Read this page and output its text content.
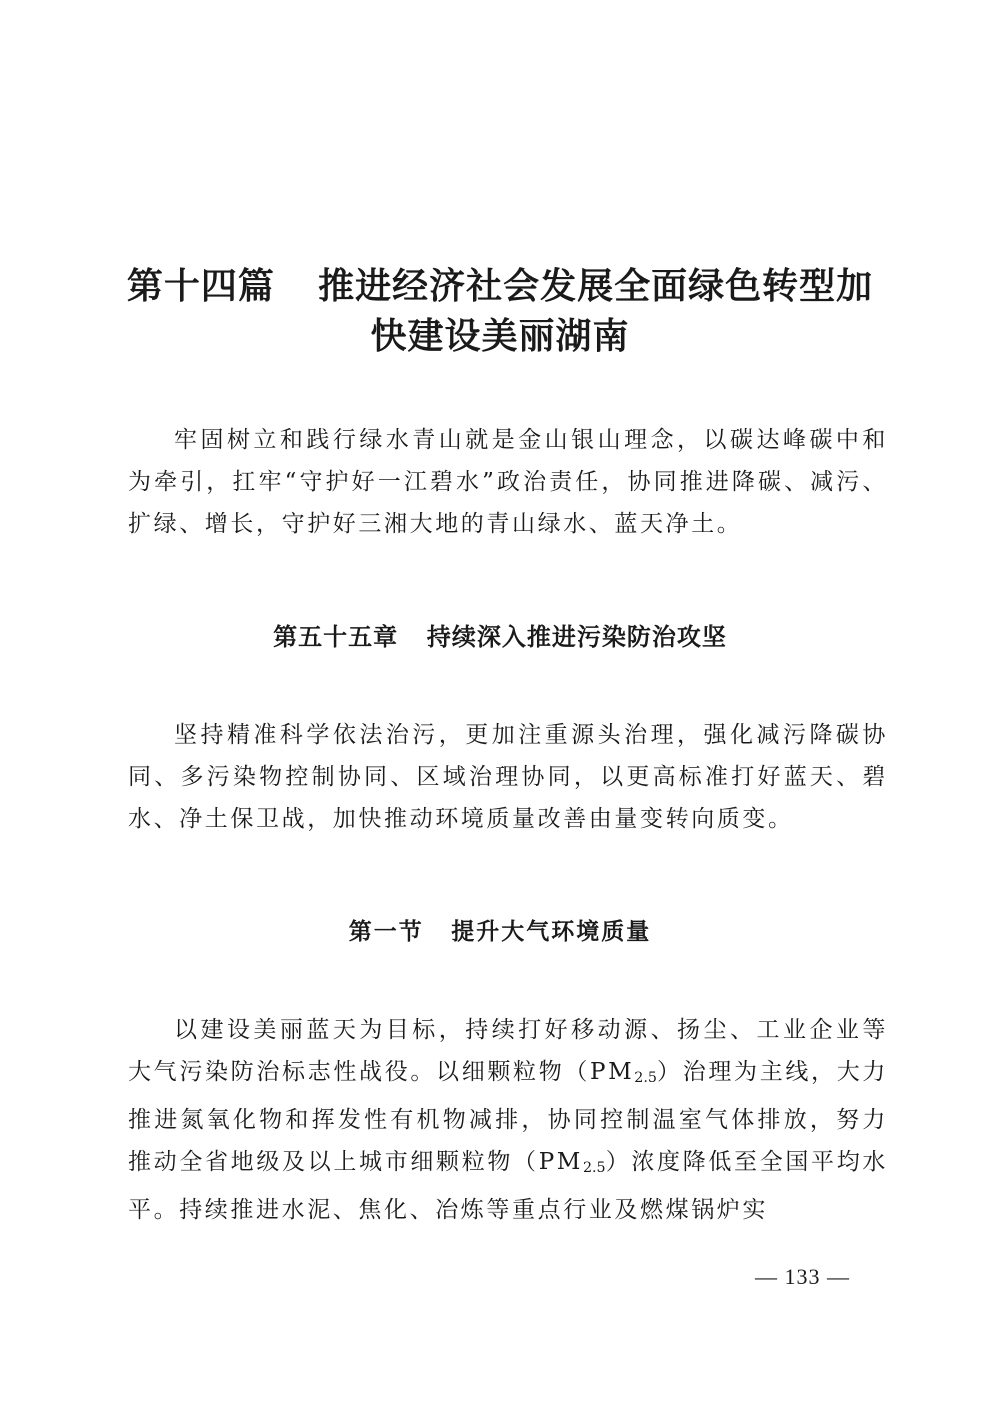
第十四篇 推进经济社会发展全面绿色转型加
快建设美丽湖南

牢固树立和践行绿水青山就是金山银山理念，以碳达峰碳中和为牵引，扛牢“守护好一江碧水”政治责任，协同推进降碳、减污、扩绿、增长，守护好三湘大地的青山绿水、蓝天净土。

第五十五章 持续深入推进污染防治攻坚

坚持精准科学依法治污，更加注重源头治理，强化减污降碳协同、多污染物控制协同、区域治理协同，以更高标准打好蓝天、碧水、净土保卫战，加快推动环境质量改善由量变转向质变。

第一节 提升大气环境质量

以建设美丽蓝天为目标，持续打好移动源、扬尘、工业企业等大气污染防治标志性战役。以细颗粒物$(PM_{2.5})$治理为主线，大力推进氮氧化物和挥发性有机物减排，协同控制温室气体排放，努力推动全省地级及以上城市细颗粒物$(PM_{2.5})$浓度降低至全国平均水平。持续推进水泥、焦化、冶炼等重点行业及燃煤锅炉实

— 133 —
